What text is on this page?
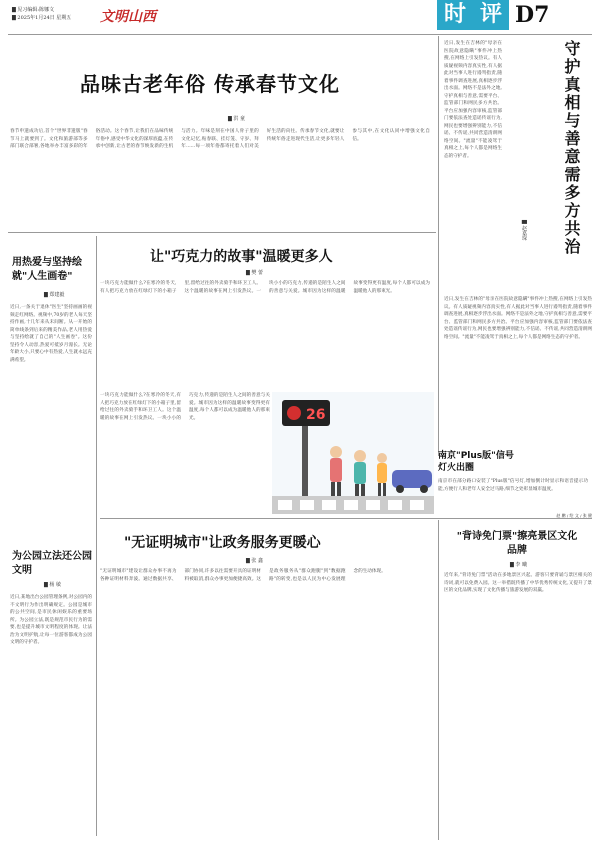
▇ 见习编辑:陈娜文
▇ 2025年1月24日 星期五 文明山西	时 评 D7
品味古老年俗 传承春节文化
▇ 洪 童
春节申遗成功后,首个"世界非遗版"春节马上就要到了。文化和旅游部等多部门联合部署,各地举办丰富多彩的年俗活动。这个春节,让我们在品味传统年俗中,感受中华文化的深厚底蕴,在传承中创新,让古老的春节焕发新的生机与活力。年味是刻在中国人骨子里的文化记忆,贴春联、挂灯笼、守岁、拜年……每一项年俗都寄托着人们对美好生活的向往。传承春节文化,就要让传统年俗走进现代生活,让更多年轻人参与其中,在文化认同中增强文化自信。
近日,发生在吉林的"母亲在医院故意隐瞒"事件冲上热搜,在网络上引发热议。有人质疑视频内容真实性,有人据此对当事人进行谩骂指责,随着事件调查进展,真相逐步浮出水面。网络不是法外之地,守护真相与善意,需要平台、监管部门和网民多方共治。平台应加强内容审核,监管部门要依法查处造谣传谣行为,网民也要增强辨别能力,不信谣、不传谣,共同营造清朗网络空间。"流量"不能凌驾于真相之上,每个人都是网络生态的守护者。	守护真相与善意需多方共治
▇ 赵嘉琛
近日,发生在吉林的"母亲在医院故意隐瞒"事件冲上热搜,在网络上引发热议。有人质疑视频内容真实性,有人据此对当事人进行谩骂指责,随着事件调查进展,真相逐步浮出水面。网络不是法外之地,守护真相与善意,需要平台、监管部门和网民多方共治。平台应加强内容审核,监管部门要依法查处造谣传谣行为,网民也要增强辨别能力,不信谣、不传谣,共同营造清朗网络空间。"流量"不能凌驾于真相之上,每个人都是网络生态的守护者。
用热爱与坚持绘就"人生画卷"
▇ 郑建毅
近日,一条关于退休"医生"坚持画画的视频走红网络。视频中,70岁的老人每天坚持作画,十几年来从未间断。从一开始的简单线条到后来的精美作品,老人用热爱与坚持绘就了自己的"人生画卷"。这份坚持令人动容,热爱可抵岁月漫长。无论年龄大小,只要心中有热爱,人生就永远充满希望。
为公园立法还公园文明
▇ 杨 敏
近日,某地出台公园管理条例,对公园内的不文明行为作出明确规定。公园是城市的公共空间,是市民休闲娱乐的重要场所。为公园立法,既是规范市民行为的需要,也是提升城市文明程度的体现。让法治为文明护航,让每一位游客都成为公园文明的守护者。
让"巧克力的故事"温暖更多人
▇ 樊 蕾
一块巧克力能做什么?在寒冷的冬天,有人把巧克力放在红绿灯下的小箱子里,留给过往的外卖骑手和环卫工人。这个温暖的故事在网上引发热议。一块小小的巧克力,传递的是陌生人之间的善意与关爱。城市因为这样的温暖故事变得更有温度,每个人都可以成为温暖他人的那束光。
一块巧克力能做什么?在寒冷的冬天,有人把巧克力放在红绿灯下的小箱子里,留给过往的外卖骑手和环卫工人。这个温暖的故事在网上引发热议。一块小小的巧克力,传递的是陌生人之间的善意与关爱。城市因为这样的温暖故事变得更有温度,每个人都可以成为温暖他人的那束光。	26
南京"Plus版"信号灯火出圈
南京市在部分路口安装了"Plus版"信号灯,增加倒计时显示和语音提示功能,方便行人和老年人安全过马路,细节之处彰显城市温度。
赵 鹏 / 绘 文 / 张 健
"无证明城市"让政务服务更暖心
▇ 张 鑫
"无证明城市"建设让群众办事不再为各种证明材料奔波。通过数据共享、部门协同,许多以往需要开具的证明材料被取消,群众办事更加便捷高效。这是政务服务从"群众跑腿"到"数据跑路"的转变,也是以人民为中心发展理念的生动体现。
"背诗免门票"擦亮景区文化品牌
▇ 李 曦
近年来,"背诗免门票"活动在多地景区兴起。游客只要背诵与景区相关的诗词,就可以免费入园。这一举措既传播了中华优秀传统文化,又提升了景区的文化品牌,实现了文化传播与旅游发展的双赢。
